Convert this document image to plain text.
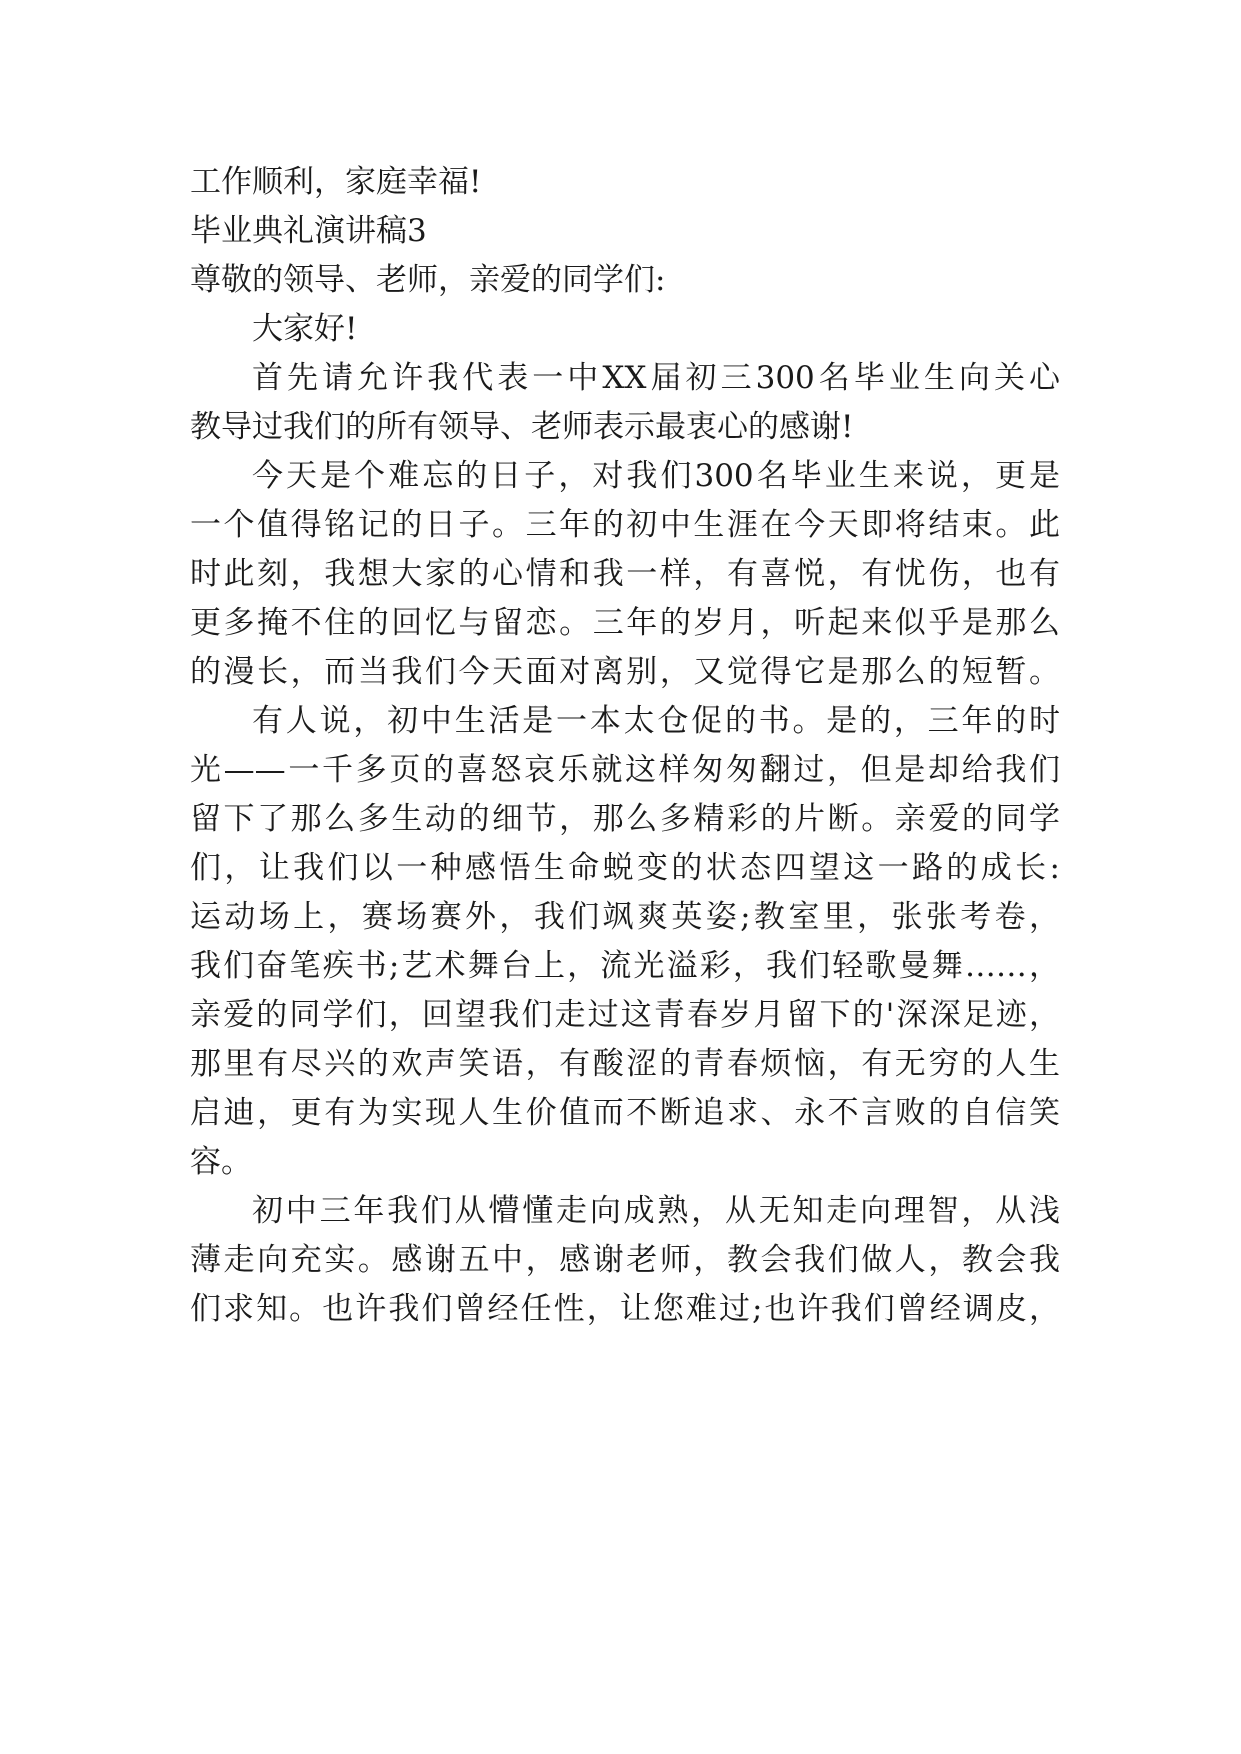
工作顺利，家庭幸福!
毕业典礼演讲稿3
尊敬的领导、老师，亲爱的同学们:
大家好!
首先请允许我代表一中XX届初三300名毕业生向关心
教导过我们的所有领导、老师表示最衷心的感谢!
今天是个难忘的日子，对我们300名毕业生来说，更是
一个值得铭记的日子。三年的初中生涯在今天即将结束。此
时此刻，我想大家的心情和我一样，有喜悦，有忧伤，也有
更多掩不住的回忆与留恋。三年的岁月，听起来似乎是那么
的漫长，而当我们今天面对离别，又觉得它是那么的短暂。
有人说，初中生活是一本太仓促的书。是的，三年的时
光——一千多页的喜怒哀乐就这样匆匆翻过，但是却给我们
留下了那么多生动的细节，那么多精彩的片断。亲爱的同学
们，让我们以一种感悟生命蜕变的状态四望这一路的成长:
运动场上，赛场赛外，我们飒爽英姿;教室里，张张考卷，
我们奋笔疾书;艺术舞台上，流光溢彩，我们轻歌曼舞……，
亲爱的同学们，回望我们走过这青春岁月留下的'深深足迹，
那里有尽兴的欢声笑语，有酸涩的青春烦恼，有无穷的人生
启迪，更有为实现人生价值而不断追求、永不言败的自信笑
容。
初中三年我们从懵懂走向成熟，从无知走向理智，从浅
薄走向充实。感谢五中，感谢老师，教会我们做人，教会我
们求知。也许我们曾经任性，让您难过;也许我们曾经调皮，
